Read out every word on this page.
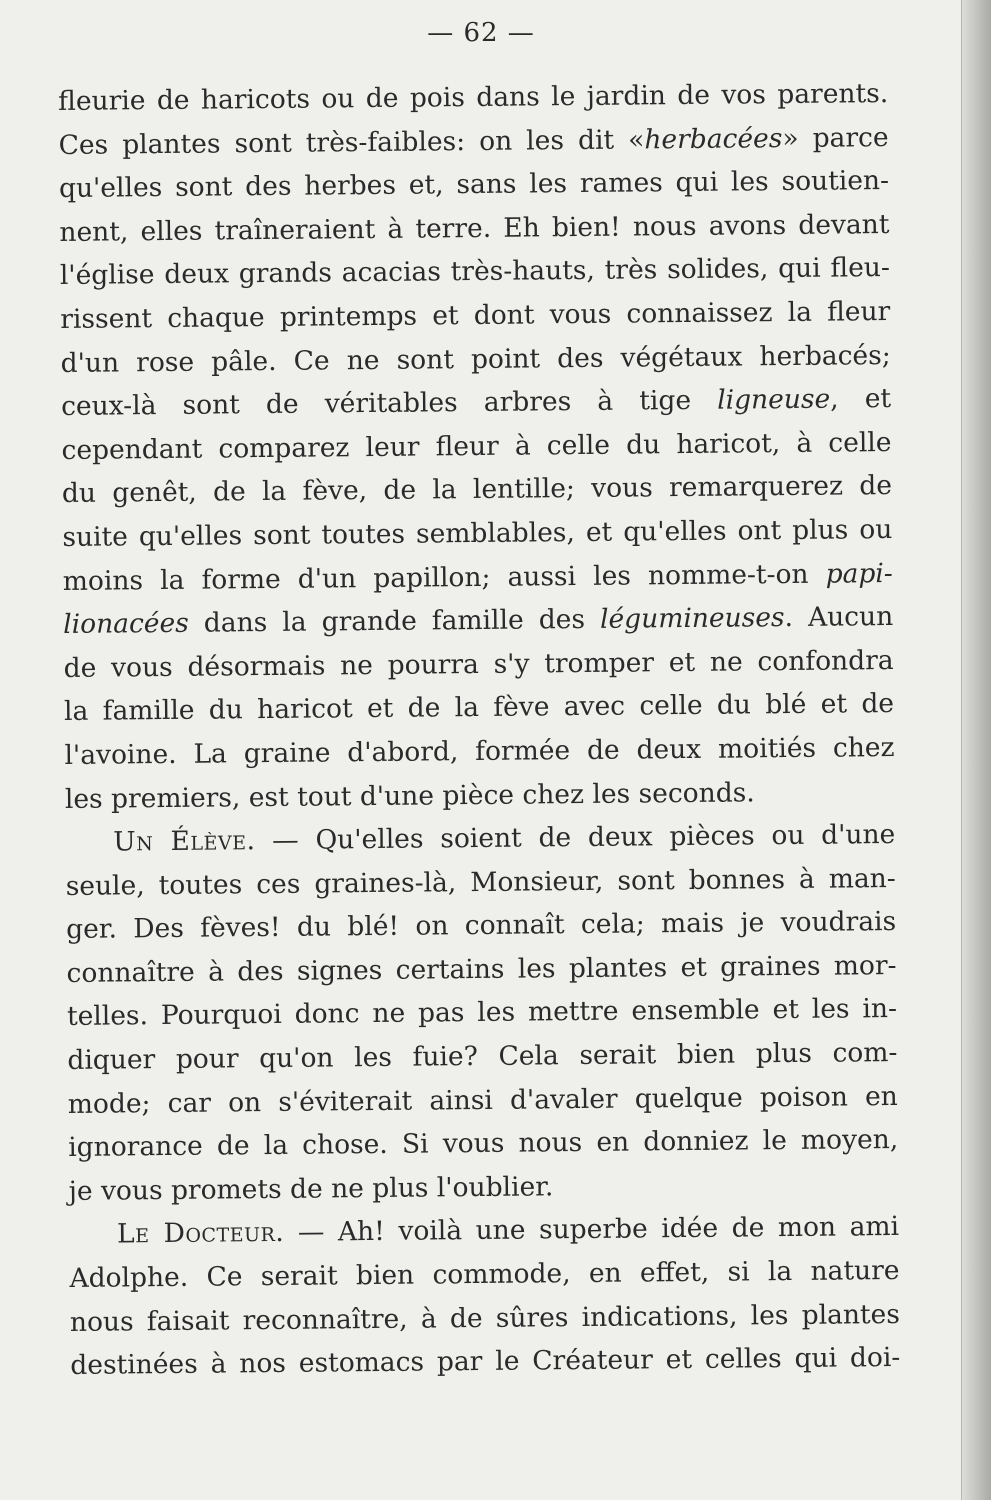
— 62 —
fleurie de haricots ou de pois dans le jardin de vos parents.
Ces plantes sont très-faibles: on les dit «herbacées» parce
qu'elles sont des herbes et, sans les rames qui les soutien-
nent, elles traîneraient à terre. Eh bien! nous avons devant
l'église deux grands acacias très-hauts, très solides, qui fleu-
rissent chaque printemps et dont vous connaissez la fleur
d'un rose pâle. Ce ne sont point des végétaux herbacés;
ceux-là sont de véritables arbres à tige ligneuse, et
cependant comparez leur fleur à celle du haricot, à celle
du genêt, de la fève, de la lentille; vous remarquerez de
suite qu'elles sont toutes semblables, et qu'elles ont plus ou
moins la forme d'un papillon; aussi les nomme-t-on papi-
lionacées dans la grande famille des légumineuses. Aucun
de vous désormais ne pourra s'y tromper et ne confondra
la famille du haricot et de la fève avec celle du blé et de
l'avoine. La graine d'abord, formée de deux moitiés chez
les premiers, est tout d'une pièce chez les seconds.
Un Élève. — Qu'elles soient de deux pièces ou d'une
seule, toutes ces graines-là, Monsieur, sont bonnes à man-
ger. Des fèves! du blé! on connaît cela; mais je voudrais
connaître à des signes certains les plantes et graines mor-
telles. Pourquoi donc ne pas les mettre ensemble et les in-
diquer pour qu'on les fuie? Cela serait bien plus com-
mode; car on s'éviterait ainsi d'avaler quelque poison en
ignorance de la chose. Si vous nous en donniez le moyen,
je vous promets de ne plus l'oublier.
Le Docteur. — Ah! voilà une superbe idée de mon ami
Adolphe. Ce serait bien commode, en effet, si la nature
nous faisait reconnaître, à de sûres indications, les plantes
destinées à nos estomacs par le Créateur et celles qui doi-
